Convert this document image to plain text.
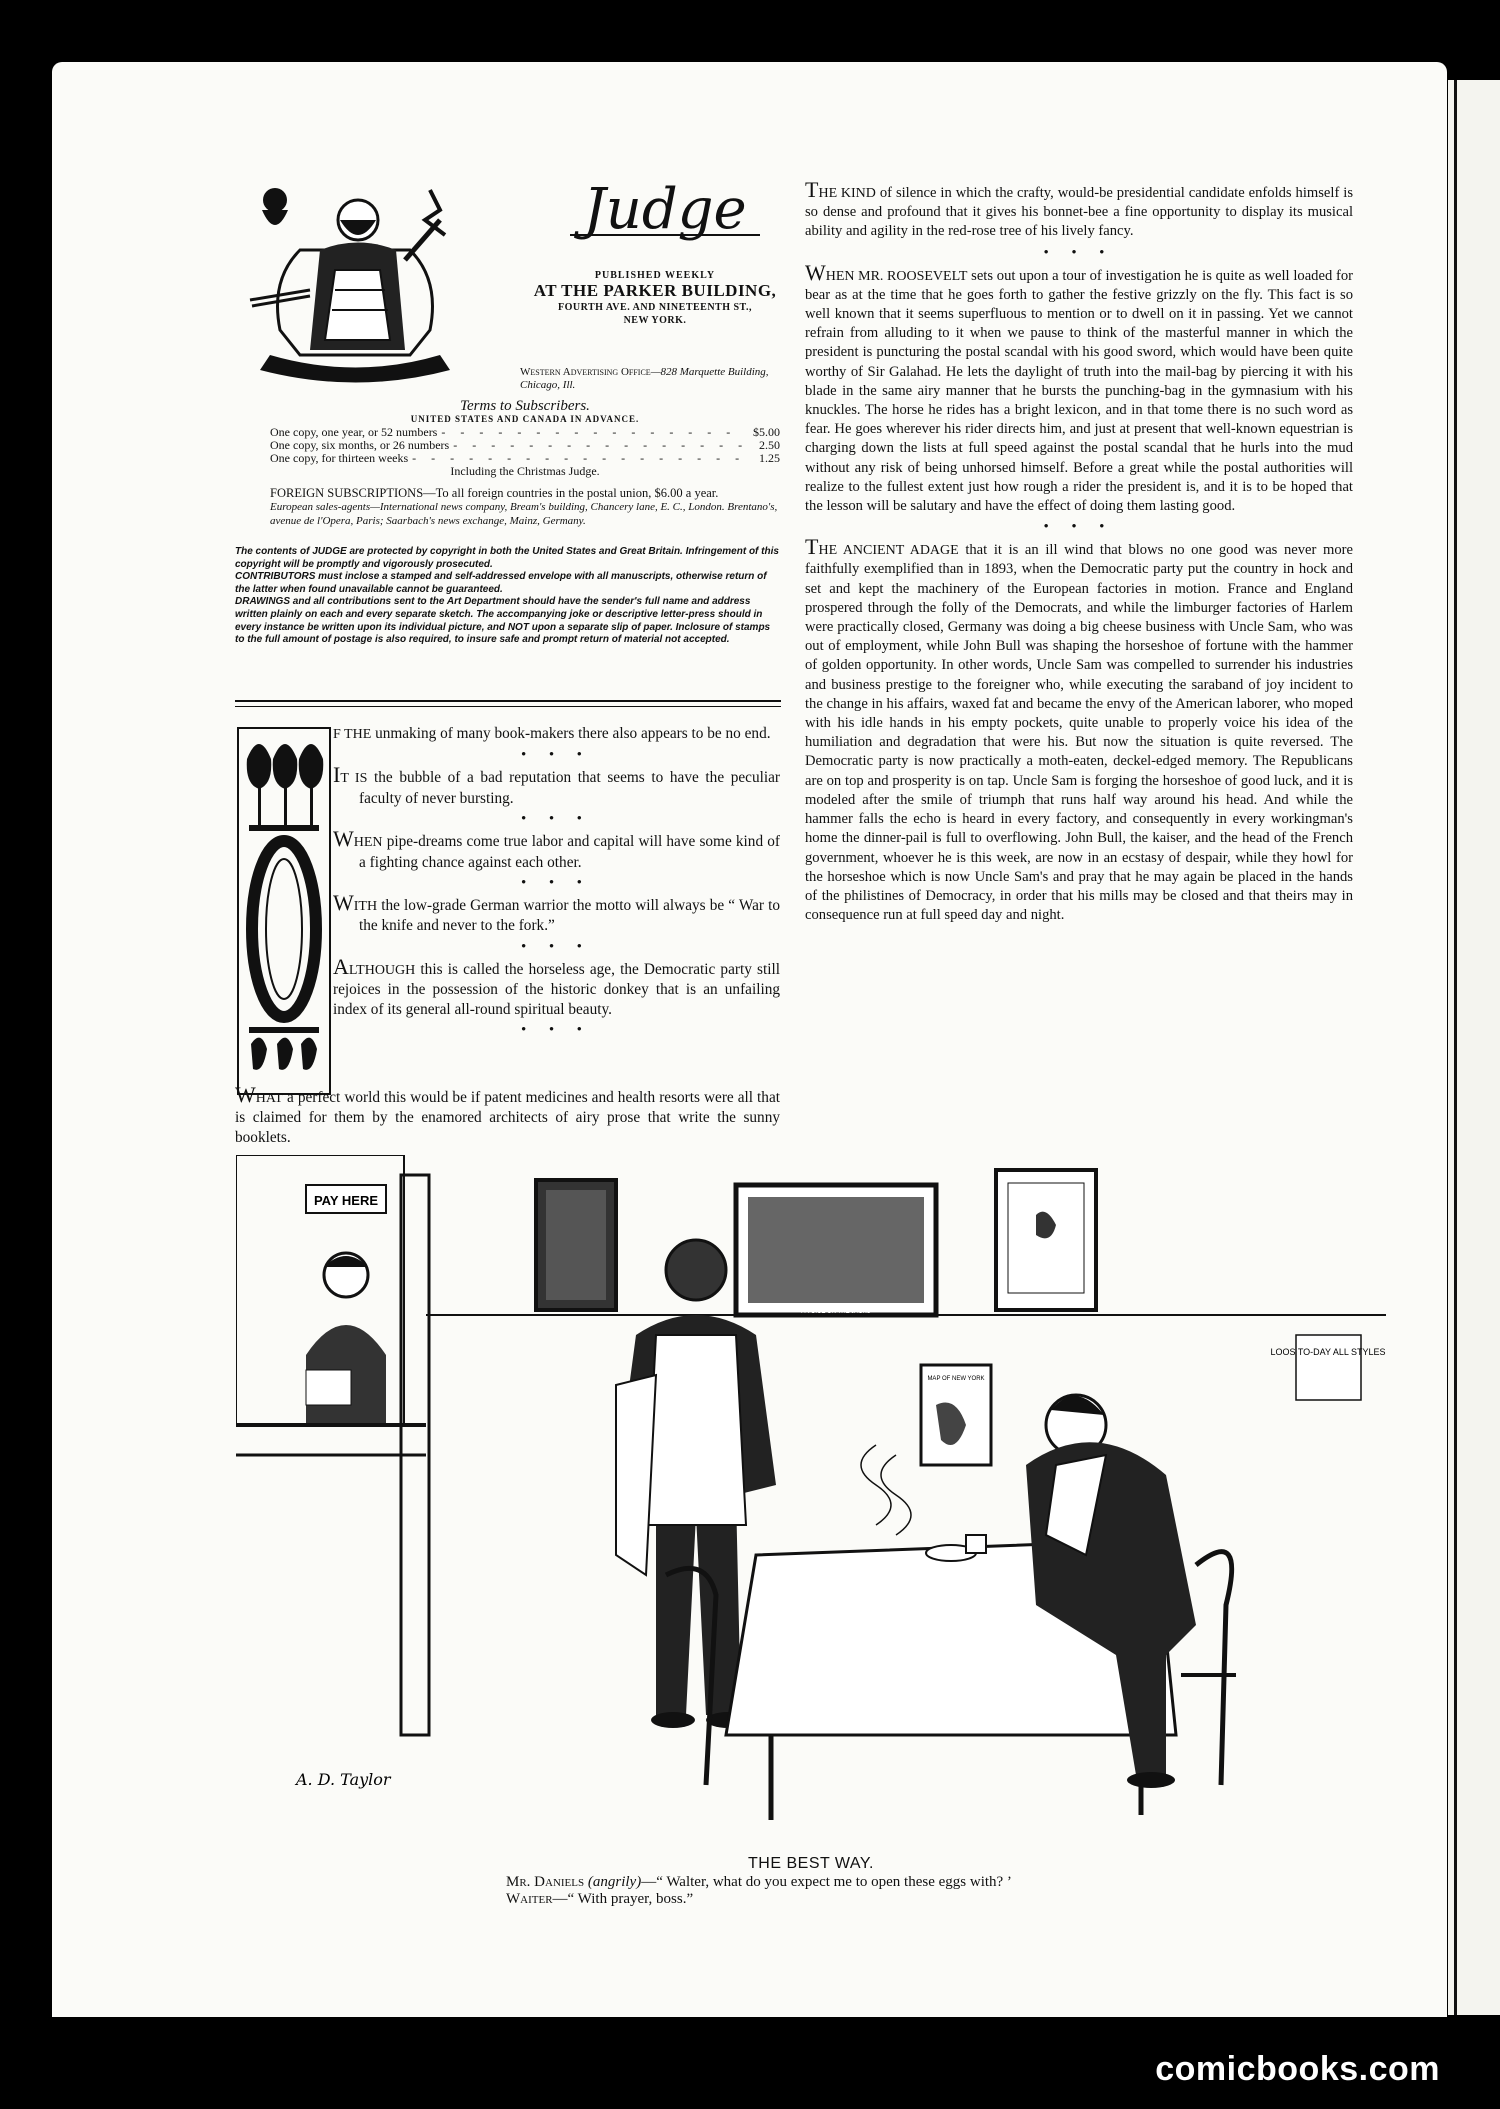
Judge
PUBLISHED WEEKLY
AT THE PARKER BUILDING,
FOURTH AVE. AND NINETEENTH ST.,
NEW YORK.
Western Advertising Office—828 Marquette Building, Chicago, Ill.
Terms to Subscribers.
UNITED STATES AND CANADA IN ADVANCE.
One copy, one year, or 52 numbers - - - - - - - - - - - - - - - -	$5.00
One copy, six months, or 26 numbers - - - - - - - - - - - - - - - - 2.50
One copy, for thirteen weeks - - - - - - - - - - - - - - - - - -	1.25
Including the Christmas Judge.
FOREIGN SUBSCRIPTIONS—To all foreign countries in the postal union, $6.00 a year.
European sales-agents—International news company, Bream's building, Chancery lane, E. C., London. Brentano's, avenue de l'Opera, Paris; Saarbach's news exchange, Mainz, Germany.

The contents of JUDGE are protected by copyright in both the United States and Great Britain. Infringement of this copyright will be promptly and vigorously prosecuted.

CONTRIBUTORS must inclose a stamped and self-addressed envelope with all manuscripts, otherwise return of the latter when found unavailable cannot be guaranteed.

DRAWINGS and all contributions sent to the Art Department should have the sender's full name and address written plainly on each and every separate sketch. The accompanying joke or descriptive letter-press should in every instance be written upon its individual picture, and NOT upon a separate slip of paper. Inclosure of stamps to the full amount of postage is also required, to insure safe and prompt return of material not accepted.

F THE unmaking of many book-makers there also appears to be no end.

• • •

IT IS the bubble of a bad reputation that seems to have the peculiar faculty of never bursting.

• • •

WHEN pipe-dreams come true labor and capital will have some kind of a fighting chance against each other.

• • •

WITH the low-grade German warrior the motto will always be “ War to the knife and never to the fork.”

• • •

ALTHOUGH this is called the horseless age, the Democratic party still rejoices in the possession of the historic donkey that is an unfailing index of its general all-round spiritual beauty.

• • •

WHAT a perfect world this would be if patent medicines and health resorts were all that is claimed for them by the enamored architects of airy prose that write the sunny booklets.

THE KIND of silence in which the crafty, would-be presidential candidate enfolds himself is so dense and profound that it gives his bonnet-bee a fine opportunity to display its musical ability and agility in the red-rose tree of his lively fancy.

• • •

WHEN MR. ROOSEVELT sets out upon a tour of investigation he is quite as well loaded for bear as at the time that he goes forth to gather the festive grizzly on the fly. This fact is so well known that it seems superfluous to mention or to dwell on it in passing. Yet we cannot refrain from alluding to it when we pause to think of the masterful manner in which the president is puncturing the postal scandal with his good sword, which would have been quite worthy of Sir Galahad. He lets the daylight of truth into the mail-bag by piercing it with his blade in the same airy manner that he bursts the punching-bag in the gymnasium with his knuckles. The horse he rides has a bright lexicon, and in that tome there is no such word as fear. He goes wherever his rider directs him, and just at present that well-known equestrian is charging down the lists at full speed against the postal scandal that he hurls into the mud without any risk of being unhorsed himself. Before a great while the postal authorities will realize to the fullest extent just how rough a rider the president is, and it is to be hoped that the lesson will be salutary and have the effect of doing them lasting good.

• • •

THE ANCIENT ADAGE that it is an ill wind that blows no one good was never more faithfully exemplified than in 1893, when the Democratic party put the country in hock and set and kept the machinery of the European factories in motion. France and England prospered through the folly of the Democrats, and while the limburger factories of Harlem were practically closed, Germany was doing a big cheese business with Uncle Sam, who was out of employment, while John Bull was shaping the horseshoe of fortune with the hammer of golden opportunity. In other words, Uncle Sam was compelled to surrender his industries and business prestige to the foreigner who, while executing the saraband of joy incident to the change in his affairs, waxed fat and became the envy of the American laborer, who moped with his idle hands in his empty pockets, quite unable to properly voice his idea of the humiliation and degradation that were his. But now the situation is quite reversed. The Democratic party is now practically a moth-eaten, deckel-edged memory. The Republicans are on top and prosperity is on tap. Uncle Sam is forging the horseshoe of good luck, and it is modeled after the smile of triumph that runs half way around his head. And while the hammer falls the echo is heard in every factory, and consequently in every workingman's home the dinner-pail is full to overflowing. John Bull, the kaiser, and the head of the French government, whoever he is this week, are now in an ecstasy of despair, while they howl for the horseshoe which is now Uncle Sam's and pray that he may again be placed in the hands of the philistines of Democracy, in order that his mills may be closed and that theirs may in consequence run at full speed day and night.

PAY HERE
A VOICE ON THE JACKS
LOOS TO-DAY ALL STYLES
MAP OF NEW YORK
A. D. Taylor
THE BEST WAY.
Mr. Daniels (angrily)—“ Walter, what do you expect me to open these eggs with? ’
Waiter—“ With prayer, boss.”
comicbooks.com
